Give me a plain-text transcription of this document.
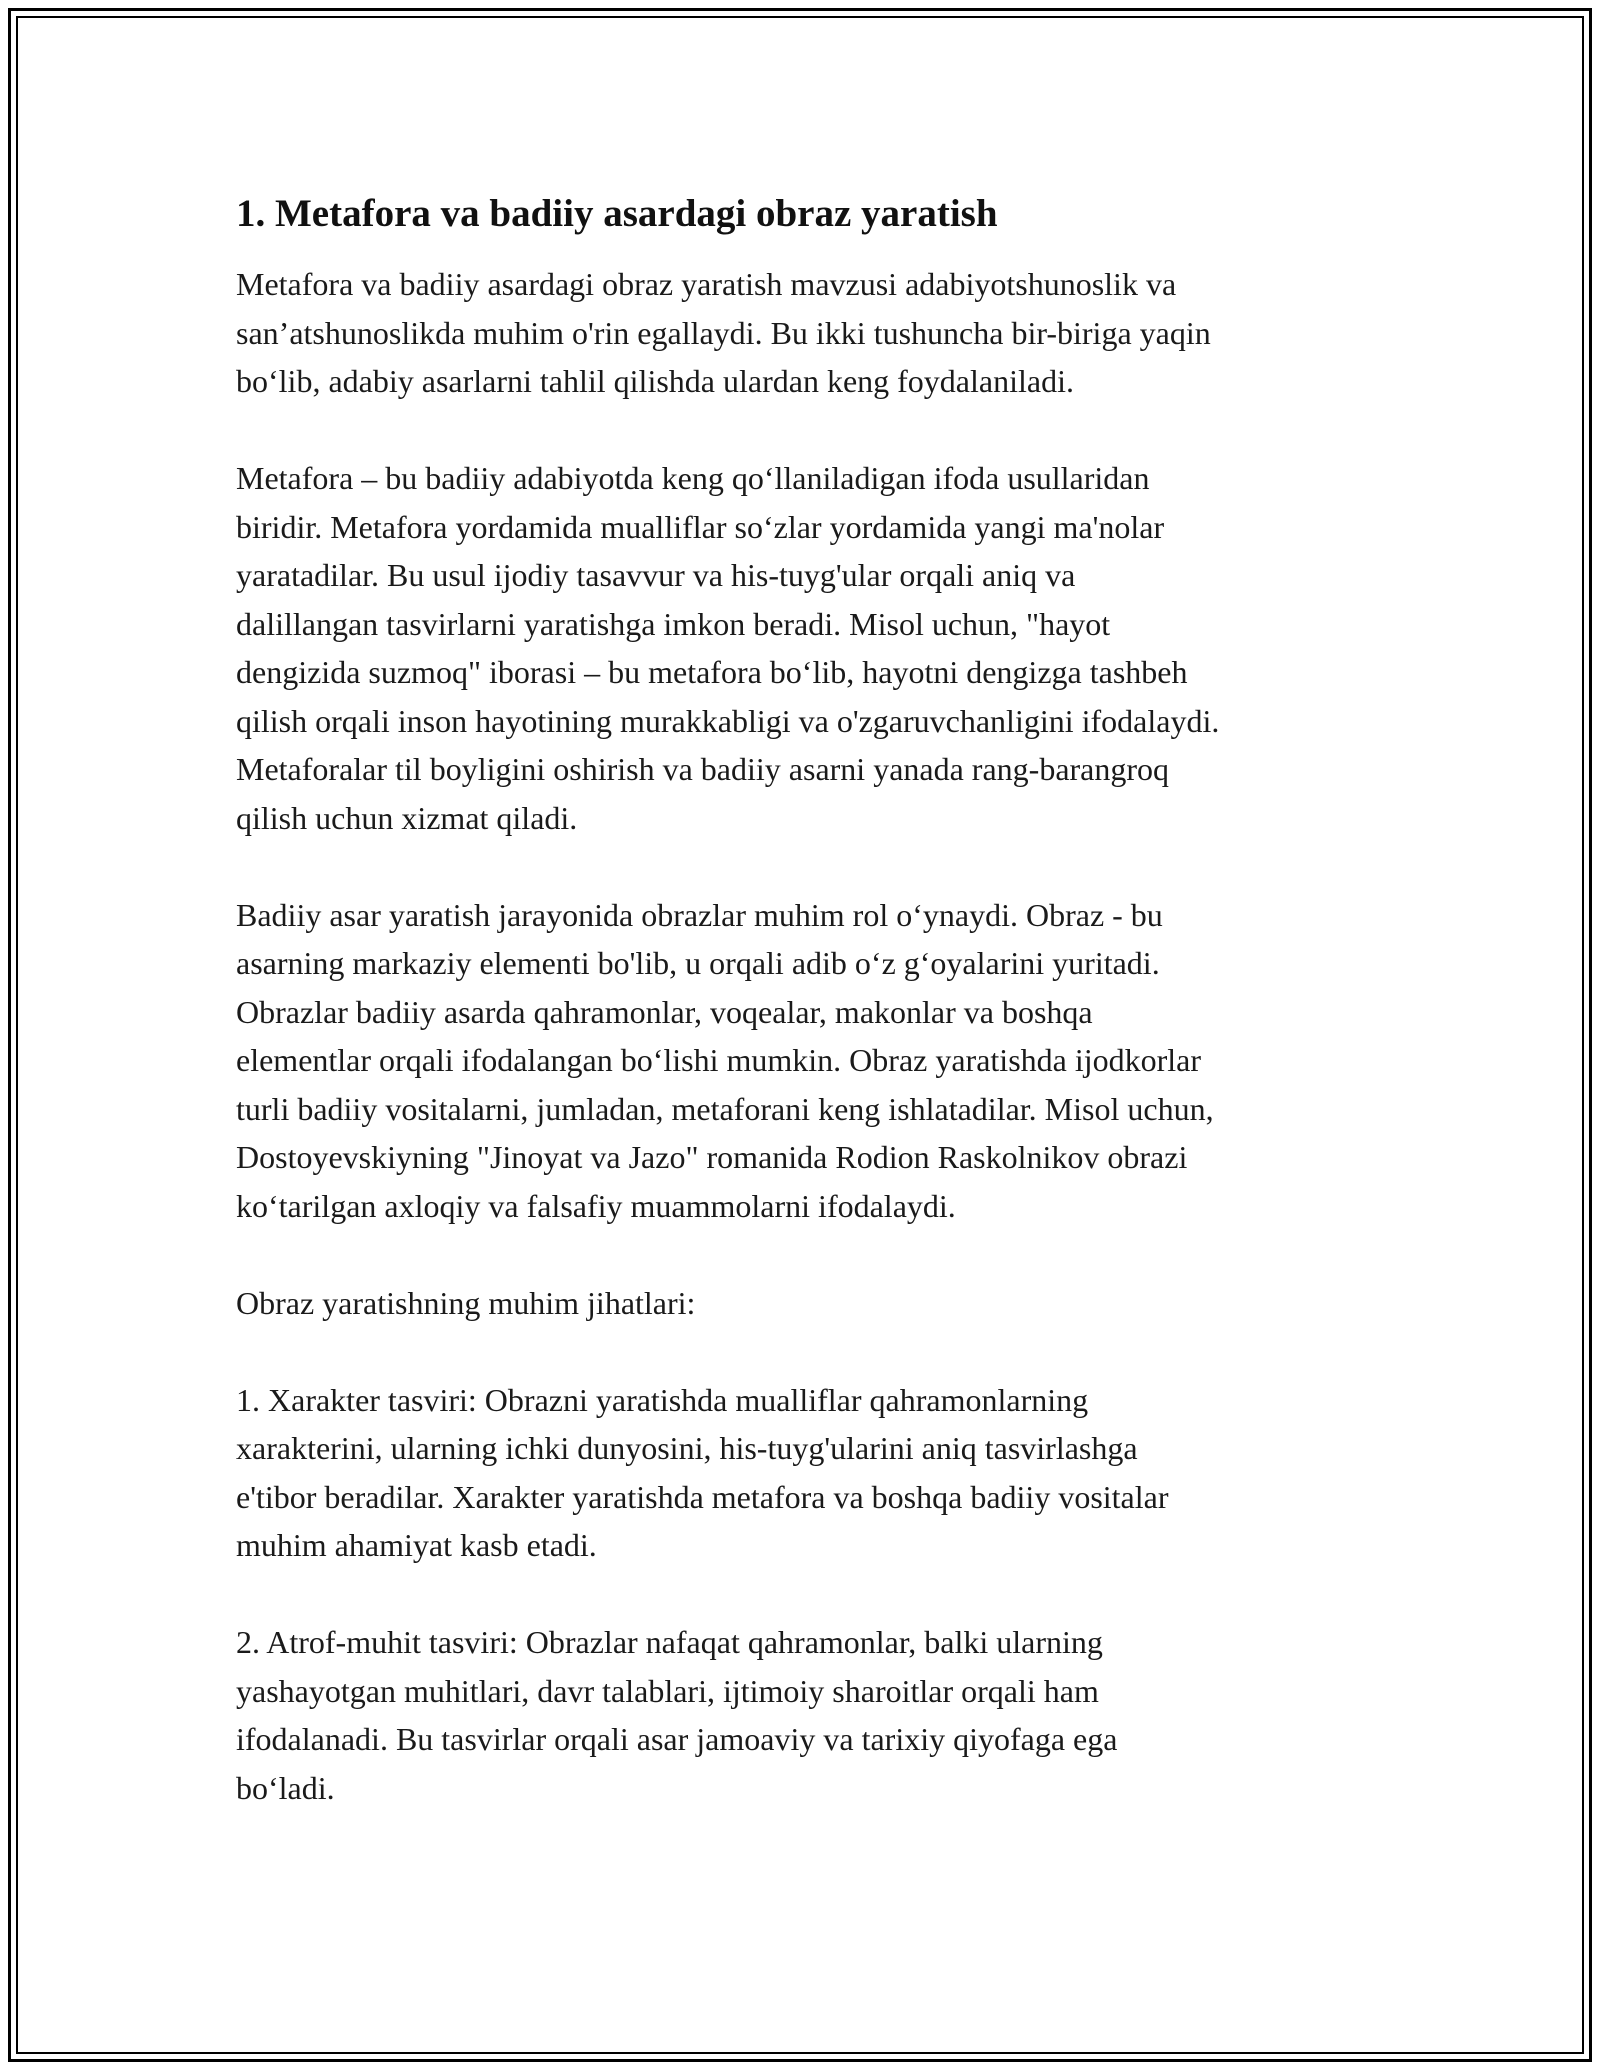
1. Metafora va badiiy asardagi obraz yaratish

Metafora va badiiy asardagi obraz yaratish mavzusi adabiyotshunoslik va
san’atshunoslikda muhim o'rin egallaydi. Bu ikki tushuncha bir-biriga yaqin
bo‘lib, adabiy asarlarni tahlil qilishda ulardan keng foydalaniladi.

Metafora – bu badiiy adabiyotda keng qo‘llaniladigan ifoda usullaridan
biridir. Metafora yordamida mualliflar so‘zlar yordamida yangi ma'nolar
yaratadilar. Bu usul ijodiy tasavvur va his-tuyg'ular orqali aniq va
dalillangan tasvirlarni yaratishga imkon beradi. Misol uchun, "hayot
dengizida suzmoq" iborasi – bu metafora bo‘lib, hayotni dengizga tashbeh
qilish orqali inson hayotining murakkabligi va o'zgaruvchanligini ifodalaydi.
Metaforalar til boyligini oshirish va badiiy asarni yanada rang-barangroq
qilish uchun xizmat qiladi.

Badiiy asar yaratish jarayonida obrazlar muhim rol o‘ynaydi. Obraz - bu
asarning markaziy elementi bo'lib, u orqali adib o‘z g‘oyalarini yuritadi.
Obrazlar badiiy asarda qahramonlar, voqealar, makonlar va boshqa
elementlar orqali ifodalangan bo‘lishi mumkin. Obraz yaratishda ijodkorlar
turli badiiy vositalarni, jumladan, metaforani keng ishlatadilar. Misol uchun,
Dostoyevskiyning "Jinoyat va Jazo" romanida Rodion Raskolnikov obrazi
ko‘tarilgan axloqiy va falsafiy muammolarni ifodalaydi.

Obraz yaratishning muhim jihatlari:

1. Xarakter tasviri: Obrazni yaratishda mualliflar qahramonlarning
xarakterini, ularning ichki dunyosini, his-tuyg'ularini aniq tasvirlashga
e'tibor beradilar. Xarakter yaratishda metafora va boshqa badiiy vositalar
muhim ahamiyat kasb etadi.

2. Atrof-muhit tasviri: Obrazlar nafaqat qahramonlar, balki ularning
yashayotgan muhitlari, davr talablari, ijtimoiy sharoitlar orqali ham
ifodalanadi. Bu tasvirlar orqali asar jamoaviy va tarixiy qiyofaga ega
bo‘ladi.
